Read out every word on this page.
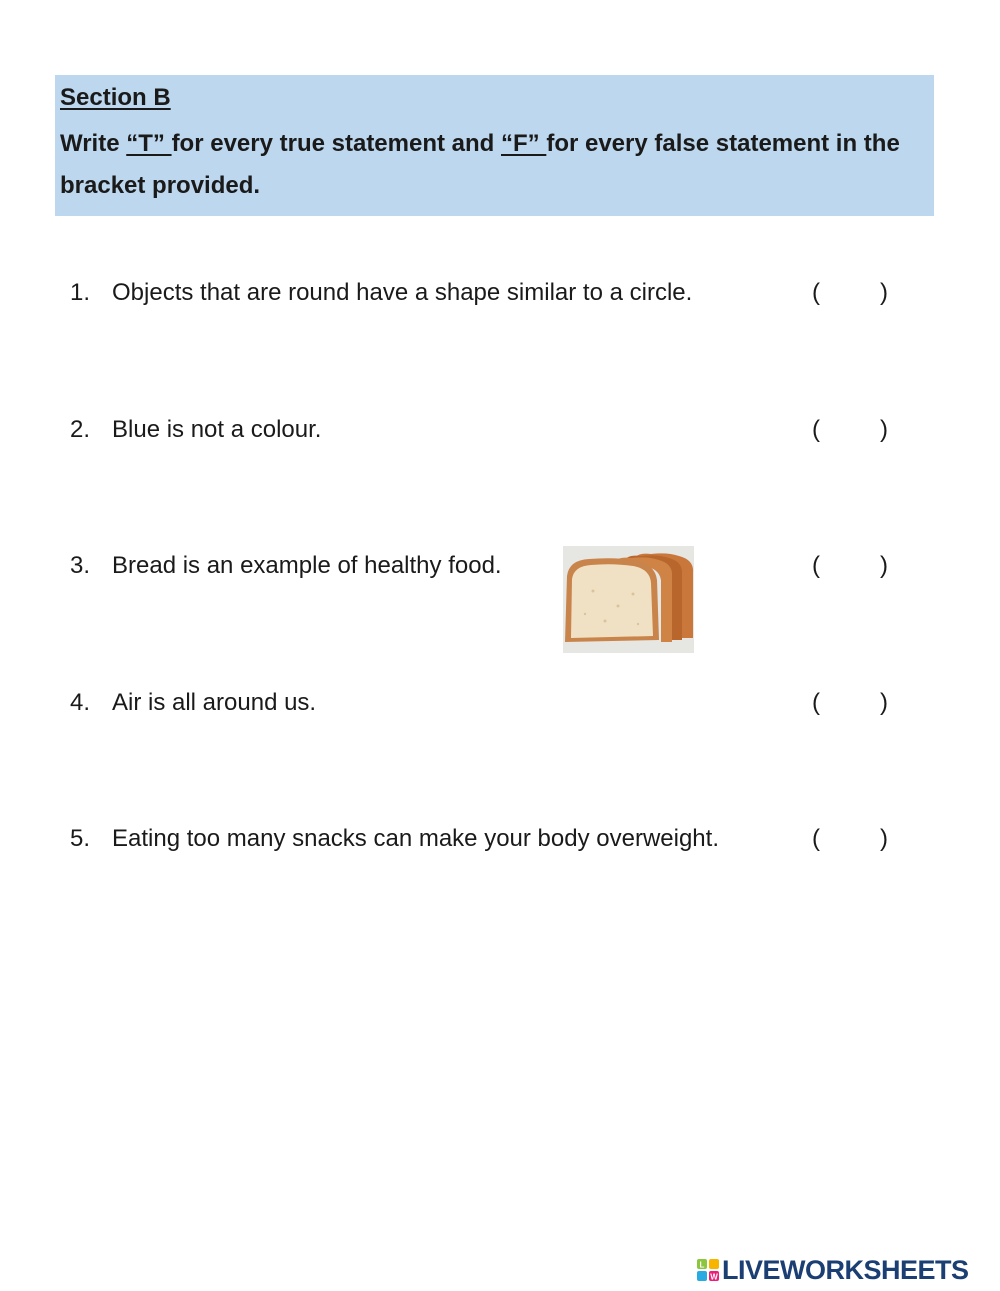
Section B

Write “T” for every true statement and “F” for every false statement in the bracket provided.

1. Objects that are round have a shape similar to a circle.	(	)
2. Blue is not a colour.	(	)
3. Bread is an example of healthy food.	(	)
4. Air is all around us.	(	)
5. Eating too many snacks can make your body overweight.	(	)
L
W LIVEWORKSHEETS
